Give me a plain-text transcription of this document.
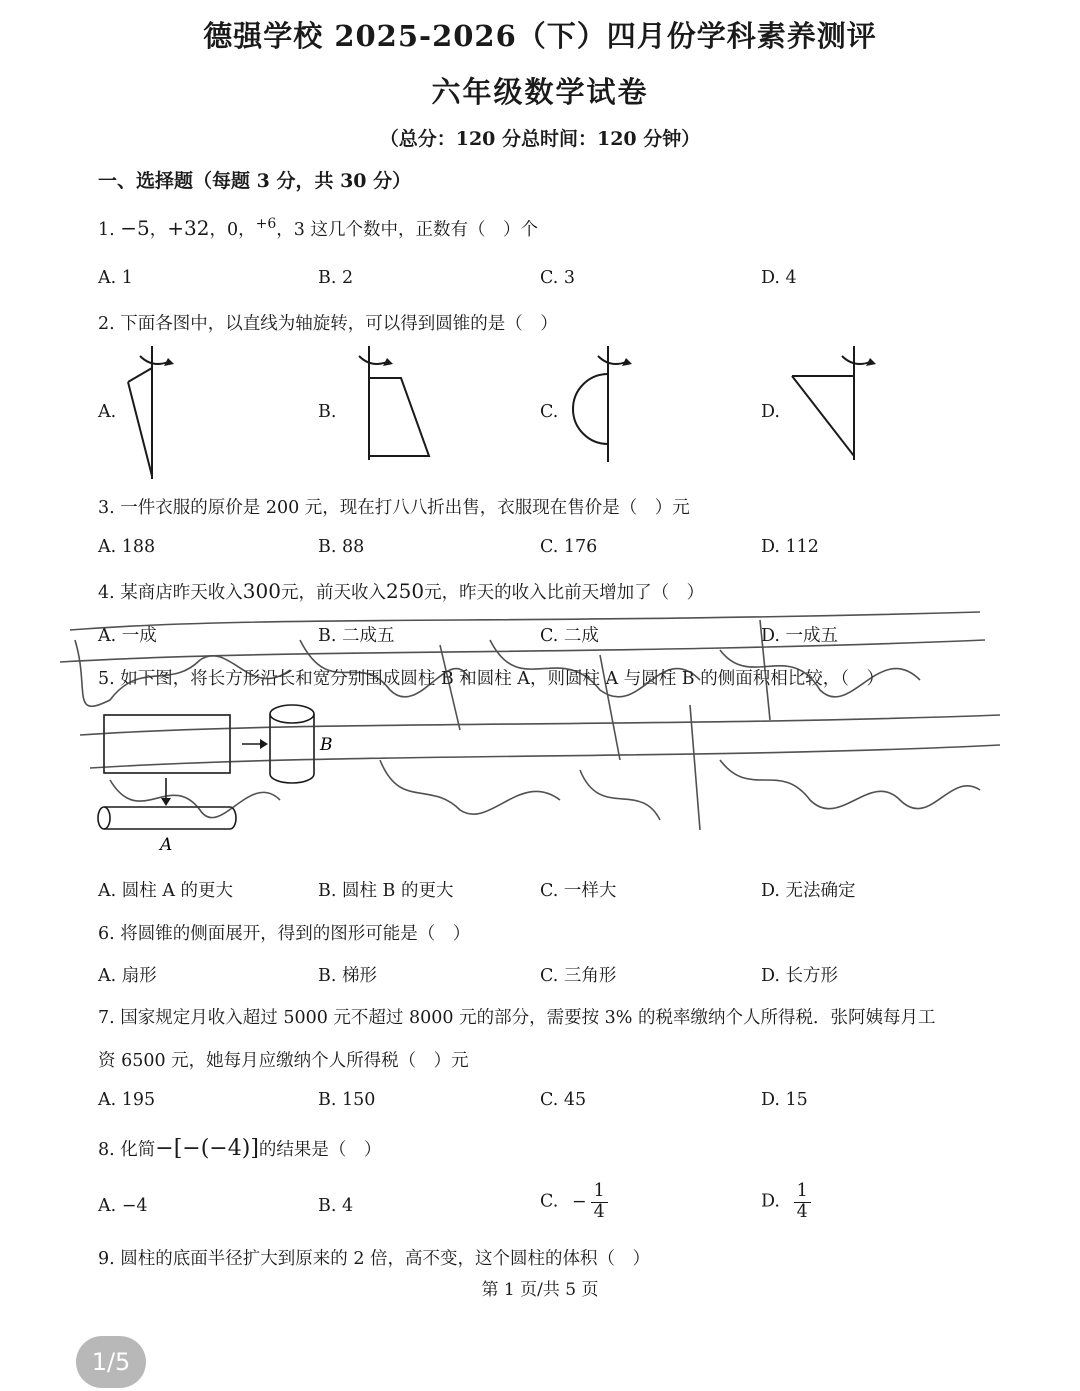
德强学校 2025-2026（下）四月份学科素养测评
六年级数学试卷
（总分：120 分总时间：120 分钟）
一、选择题（每题 3 分，共 30 分）
1. −5，+32，0，$^{+6}$，3 这几个数中，正数有（　）个
A. 1	B. 2	C. 3	D. 4
2. 下面各图中，以直线为轴旋转，可以得到圆锥的是（　）
A.	B.	C.	D.
3. 一件衣服的原价是 200 元，现在打八八折出售，衣服现在售价是（　）元
A. 188	B. 88	C. 176	D. 112
4. 某商店昨天收入300元，前天收入250元，昨天的收入比前天增加了（　）
A. 一成	B. 二成五	C. 二成	D. 一成五
5. 如下图，将长方形沿长和宽分别围成圆柱 B 和圆柱 A，则圆柱 A 与圆柱 B 的侧面积相比较，（　）
B
A
A. 圆柱 A 的更大	B. 圆柱 B 的更大	C. 一样大	D. 无法确定
6. 将圆锥的侧面展开，得到的图形可能是（　）
A. 扇形	B. 梯形	C. 三角形	D. 长方形
7. 国家规定月收入超过 5000 元不超过 8000 元的部分，需要按 3% 的税率缴纳个人所得税．张阿姨每月工
资 6500 元，她每月应缴纳个人所得税（　）元
A. 195	B. 150	C. 45	D. 15
8. 化简−[−(−4)]的结果是（　）
A. −4	B. 4	C. − $\frac{1}{4}$	D. $\frac{1}{4}$
9. 圆柱的底面半径扩大到原来的 2 倍，高不变，这个圆柱的体积（　）
第 1 页/共 5 页
1/5
